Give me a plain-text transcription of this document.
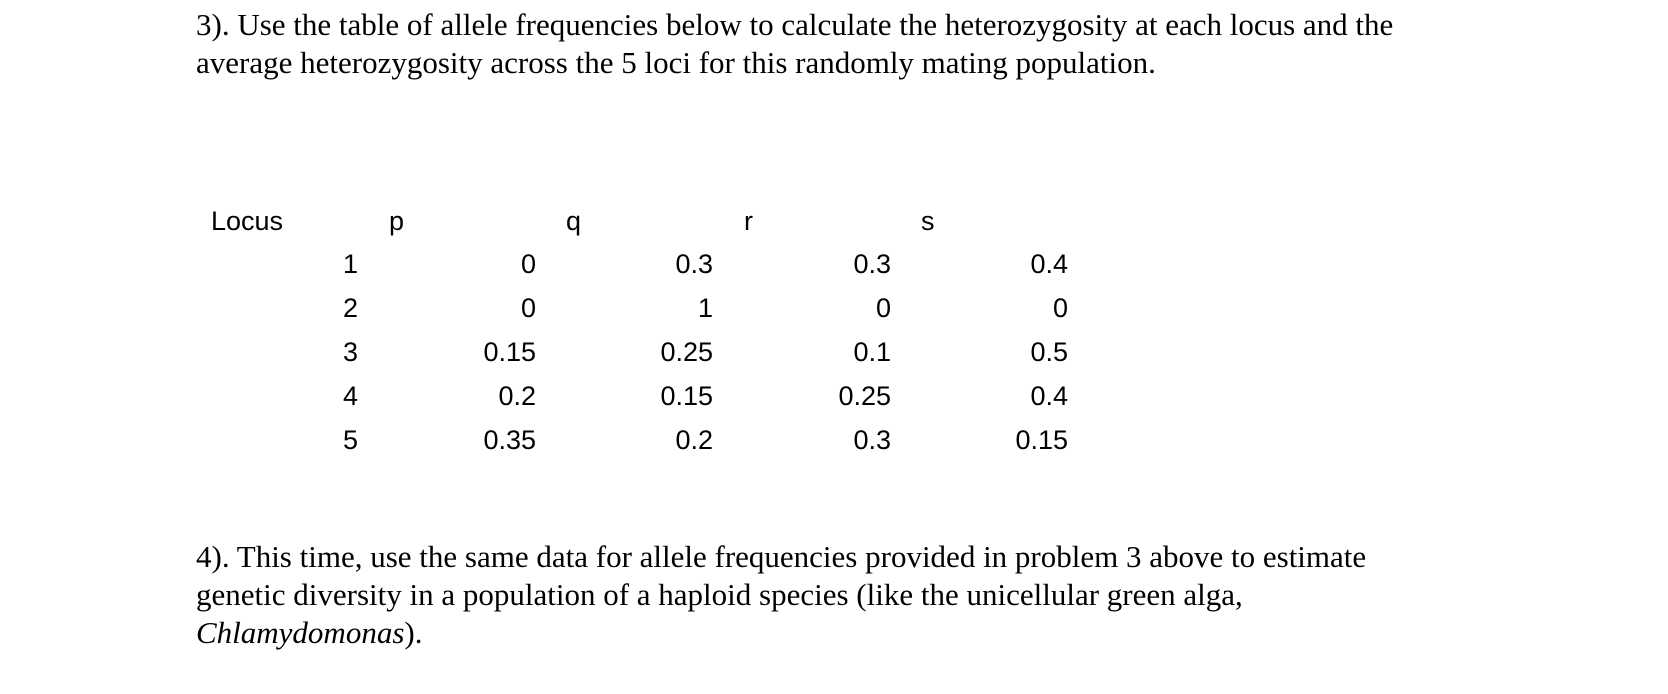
3). Use the table of allele frequencies below to calculate the heterozygosity at each locus and the
average heterozygosity across the 5 loci for this randomly mating population.

Locus	p	q	r	s
1	0	0.3	0.3	0.4
2	0	1	0	0
3	0.15	0.25	0.1	0.5
4	0.2	0.15	0.25	0.4
5	0.35	0.2	0.3	0.15

4). This time, use the same data for allele frequencies provided in problem 3 above to estimate
genetic diversity in a population of a haploid species (like the unicellular green alga,
Chlamydomonas).
